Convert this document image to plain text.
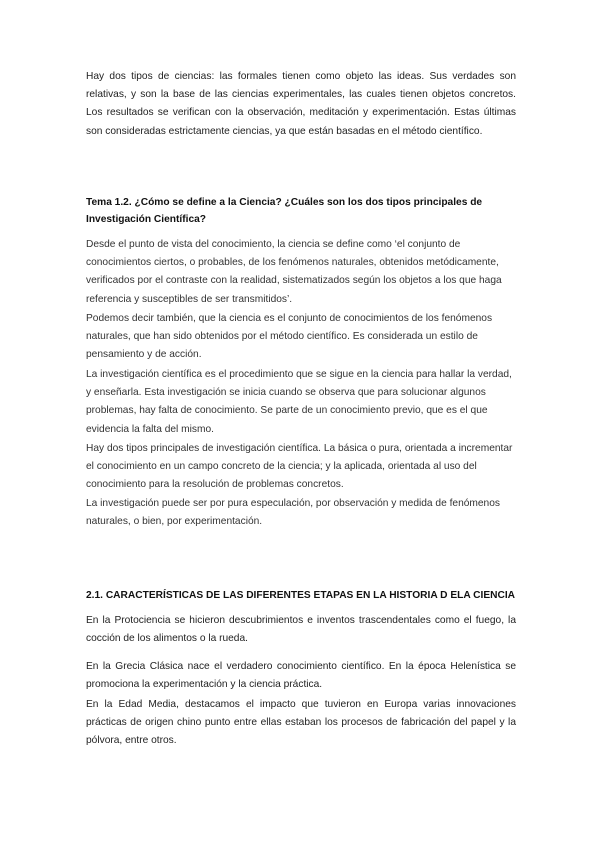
Hay dos tipos de ciencias: las formales tienen como objeto las ideas. Sus verdades son relativas, y son la base de las ciencias experimentales, las cuales tienen objetos concretos. Los resultados se verifican con la observación, meditación y experimentación. Estas últimas son consideradas estrictamente ciencias, ya que están basadas en el método científico.

Tema 1.2. ¿Cómo se define a la Ciencia? ¿Cuáles son los dos tipos principales de Investigación Científica?

Desde el punto de vista del conocimiento, la ciencia se define como ‘el conjunto de conocimientos ciertos, o probables, de los fenómenos naturales, obtenidos metódicamente, verificados por el contraste con la realidad, sistematizados según los objetos a los que haga referencia y susceptibles de ser transmitidos’.

Podemos decir también, que la ciencia es el conjunto de conocimientos de los fenómenos naturales, que han sido obtenidos por el método científico. Es considerada un estilo de pensamiento y de acción.

La investigación científica es el procedimiento que se sigue en la ciencia para hallar la verdad, y enseñarla. Esta investigación se inicia cuando se observa que para solucionar algunos problemas, hay falta de conocimiento. Se parte de un conocimiento previo, que es el que evidencia la falta del mismo.

Hay dos tipos principales de investigación científica. La básica o pura, orientada a incrementar el conocimiento en un campo concreto de la ciencia; y la aplicada, orientada al uso del conocimiento para la resolución de problemas concretos.

La investigación puede ser por pura especulación, por observación y medida de fenómenos naturales, o bien, por experimentación.

2.1. CARACTERÍSTICAS DE LAS DIFERENTES ETAPAS EN LA HISTORIA D ELA CIENCIA

En la Protociencia se hicieron descubrimientos e inventos trascendentales como el fuego, la cocción de los alimentos o la rueda.

En la Grecia Clásica nace el verdadero conocimiento científico. En la época Helenística se promociona la experimentación y la ciencia práctica.

En la Edad Media, destacamos el impacto que tuvieron en Europa varias innovaciones prácticas de origen chino punto entre ellas estaban los procesos de fabricación del papel y la pólvora, entre otros.
